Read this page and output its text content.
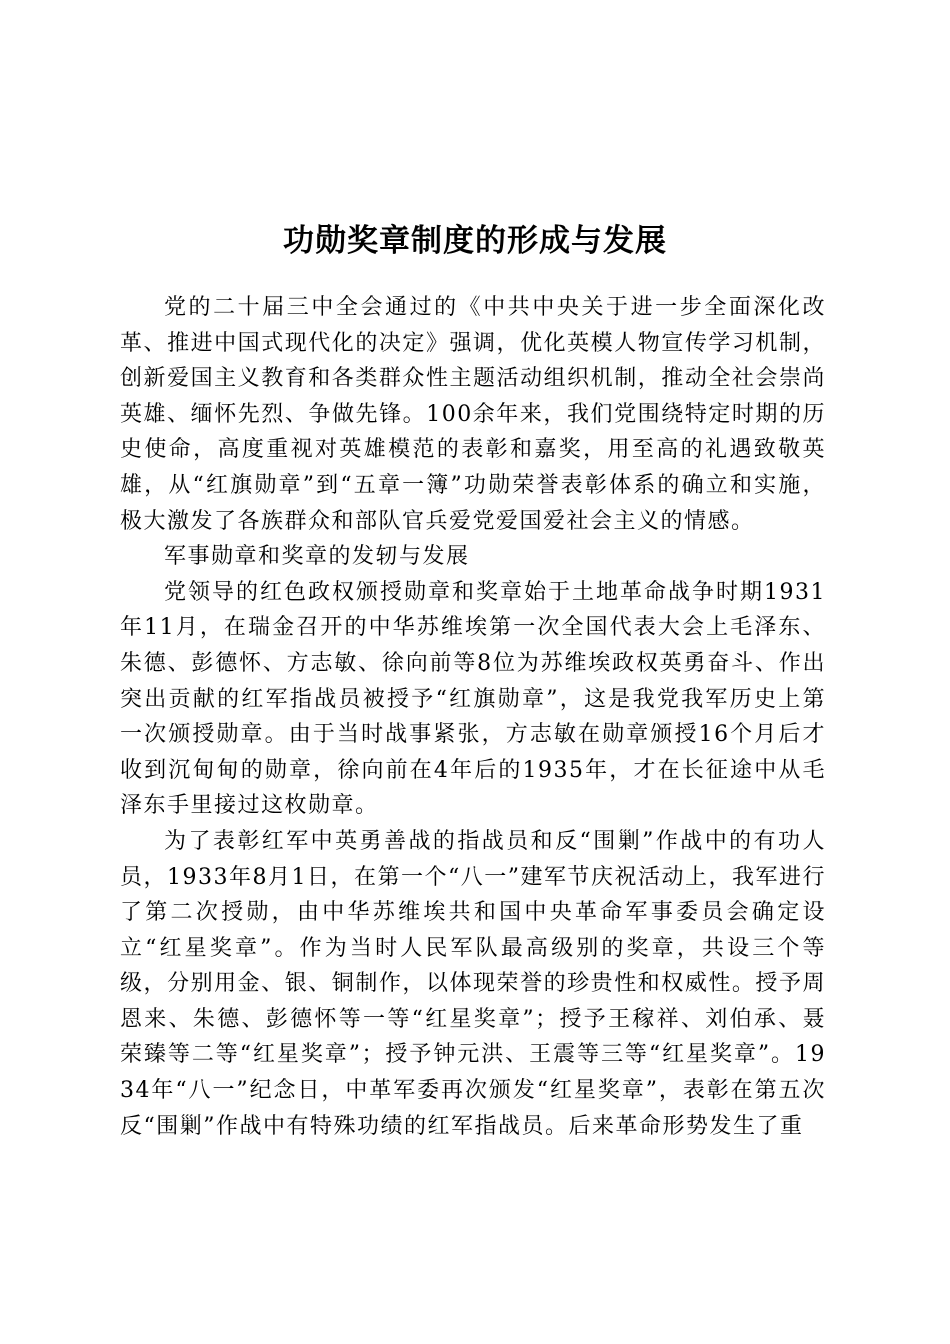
功勋奖章制度的形成与发展

党的二十届三中全会通过的《中共中央关于进一步全面深化改革、推进中国式现代化的决定》强调，优化英模人物宣传学习机制，创新爱国主义教育和各类群众性主题活动组织机制，推动全社会崇尚英雄、缅怀先烈、争做先锋。100余年来，我们党围绕特定时期的历史使命，高度重视对英雄模范的表彰和嘉奖，用至高的礼遇致敬英雄，从“红旗勋章”到“五章一簿”功勋荣誉表彰体系的确立和实施，极大激发了各族群众和部队官兵爱党爱国爱社会主义的情感。

军事勋章和奖章的发轫与发展

党领导的红色政权颁授勋章和奖章始于土地革命战争时期1931年11月，在瑞金召开的中华苏维埃第一次全国代表大会上毛泽东、朱德、彭德怀、方志敏、徐向前等8位为苏维埃政权英勇奋斗、作出突出贡献的红军指战员被授予“红旗勋章”，这是我党我军历史上第一次颁授勋章。由于当时战事紧张，方志敏在勋章颁授16个月后才收到沉甸甸的勋章，徐向前在4年后的1935年，才在长征途中从毛泽东手里接过这枚勋章。

为了表彰红军中英勇善战的指战员和反“围剿”作战中的有功人员，1933年8月1日，在第一个“八一”建军节庆祝活动上，我军进行了第二次授勋，由中华苏维埃共和国中央革命军事委员会确定设立“红星奖章”。作为当时人民军队最高级别的奖章，共设三个等级，分别用金、银、铜制作，以体现荣誉的珍贵性和权威性。授予周恩来、朱德、彭德怀等一等“红星奖章”；授予王稼祥、刘伯承、聂荣臻等二等“红星奖章”；授予钟元洪、王震等三等“红星奖章”。1934年“八一”纪念日，中革军委再次颁发“红星奖章”，表彰在第五次反“围剿”作战中有特殊功绩的红军指战员。后来革命形势发生了重
